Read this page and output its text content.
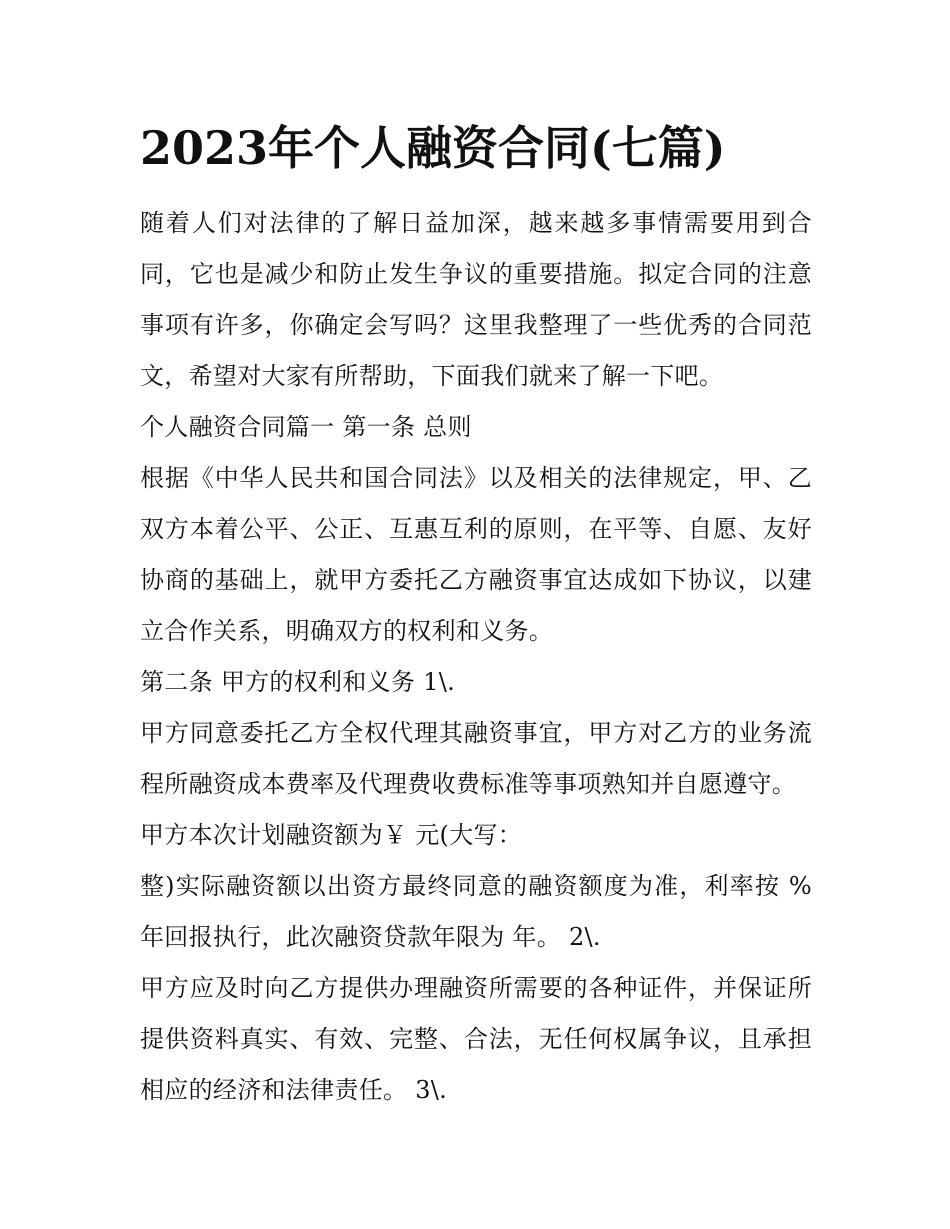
2023年个人融资合同(七篇)

随着人们对法律的了解日益加深，越来越多事情需要用到合同，它也是减少和防止发生争议的重要措施。拟定合同的注意事项有许多，你确定会写吗？这里我整理了一些优秀的合同范文，希望对大家有所帮助，下面我们就来了解一下吧。

个人融资合同篇一 第一条 总则

根据《中华人民共和国合同法》以及相关的法律规定，甲、乙双方本着公平、公正、互惠互利的原则，在平等、自愿、友好协商的基础上，就甲方委托乙方融资事宜达成如下协议，以建立合作关系，明确双方的权利和义务。

第二条 甲方的权利和义务 1\.

甲方同意委托乙方全权代理其融资事宜，甲方对乙方的业务流程所融资成本费率及代理费收费标准等事项熟知并自愿遵守。

甲方本次计划融资额为￥ 元(大写：

整)实际融资额以出资方最终同意的融资额度为准，利率按 %年回报执行，此次融资贷款年限为 年。 2\.

甲方应及时向乙方提供办理融资所需要的各种证件，并保证所提供资料真实、有效、完整、合法，无任何权属争议，且承担相应的经济和法律责任。 3\.
